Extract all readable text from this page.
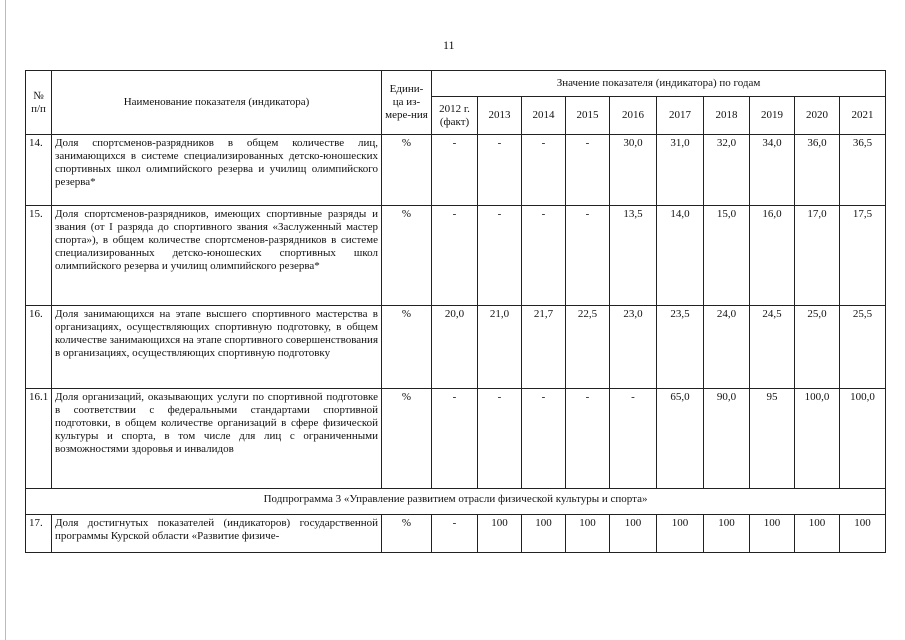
11
№ п/п	Наименование показателя (индикатора)	Едини-ца из-мере-ния	Значение показателя (индикатора) по годам									
			2012 г. (факт)	2013	2014	2015	2016	2017	2018	2019	2020	2021
14.	Доля спортсменов-разрядников в общем количестве лиц, занимающихся в системе специализированных детско-юношеских спортивных школ олимпийского резерва и училищ олимпийского резерва*	%	-	-	-	-	30,0	31,0	32,0	34,0	36,0	36,5
15.	Доля спортсменов-разрядников, имеющих спортивные разряды и звания (от I разряда до спортивного звания «Заслуженный мастер спорта»), в общем количестве спортсменов-разрядников в системе специализированных детско-юношеских спортивных школ олимпийского резерва и училищ олимпийского резерва*	%	-	-	-	-	13,5	14,0	15,0	16,0	17,0	17,5
16.	Доля занимающихся на этапе высшего спортивного мастерства в организациях, осуществляющих спортивную подготовку, в общем количестве занимающихся на этапе спортивного совершенствования в организациях, осуществляющих спортивную подготовку	%	20,0	21,0	21,7	22,5	23,0	23,5	24,0	24,5	25,0	25,5
16.1	Доля организаций, оказывающих услуги по спортивной подготовке в соответствии с федеральными стандартами спортивной подготовки, в общем количестве организаций в сфере физической культуры и спорта, в том числе для лиц с ограниченными возможностями здоровья и инвалидов	%	-	-	-	-	-	65,0	90,0	95	100,0	100,0
Подпрограмма 3 «Управление развитием отрасли физической культуры и спорта»												
17.	Доля достигнутых показателей (индикаторов) государственной программы Курской области «Развитие физиче-	%	-	100	100	100	100	100	100	100	100	100
